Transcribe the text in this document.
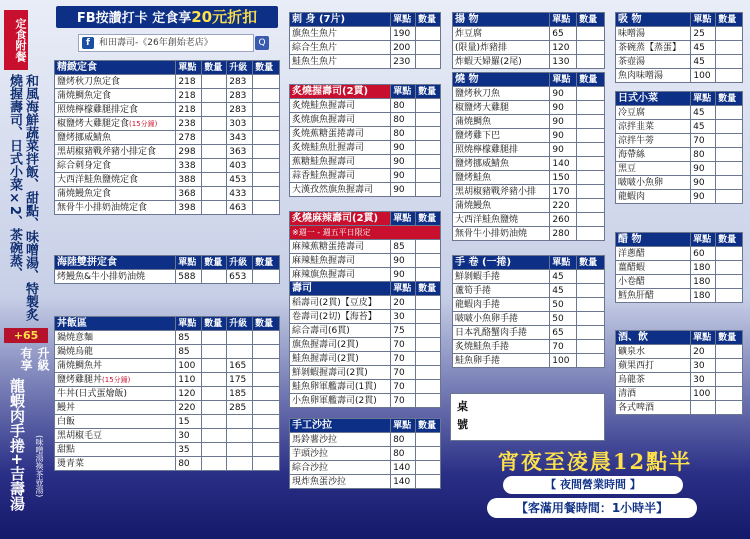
定食附餐
和風海鮮蔬菜拌飯、甜點、味噌湯、特製炙燒握壽司、日式小菜×2、茶碗蒸、
+65
升級有享
龍蝦肉手捲+吉壽湯 (味噌湯換茶壺湯)
FB按讚打卡 定食享20元折扣
f	和田壽司-《26年創始老店》	Q
精緻定食	單點	數量	升級	數量
鹽烤秋刀魚定食	218		283	
蒲燒鯛魚定食	218		283	
照燒檸檬雞腿排定食	218		283	
椒鹽烤大雞腿定食(15分鐘)	238		303	
鹽烤挪威鯖魚	278		343	
黑胡椒豬戰斧豬小排定食	298		363	
綜合刺身定食	338		403	
大西洋鮭魚鹽燒定食	388		453	
蒲燒鰻魚定食	368		433	
無骨牛小排奶油燒定食	398		463	
海陸雙拼定食	單點	數量	升級	數量
烤鰻魚&牛小排奶油燒	588		653	
丼飯區	單點	數量	升級	數量
鍋燒意麵	85			
鍋燒烏龍	85			
蒲燒鯛魚丼	100		165	
鹽烤雞腿丼(15分鐘)	110		175	
牛丼(日式蛋燴飯)	120		185	
鰻丼	220		285	
白飯	15			
黑胡椒毛豆	30			
甜點	35			
燙青菜	80			
刺 身 (7片)	單點	數量
旗魚生魚片	190	
綜合生魚片	200	
鮭魚生魚片	230	
炙燒握壽司(2貫)	單點	數量
炙燒鮭魚握壽司	80	
炙燒旗魚握壽司	80	
炙燒蕉糖蛋捲壽司	80	
炙燒鮭魚肚握壽司	90	
蕉糖鮭魚握壽司	90	
蒜香鮭魚握壽司	90	
大漢孜然旗魚握壽司	90	
炙燒麻辣壽司(2貫)	單點	數量
※週一 - 週五平日限定		
麻辣蕉糖蛋捲壽司	85	
麻辣鮭魚握壽司	90	
麻辣旗魚握壽司	90	
壽司	單點	數量
稻壽司(2貫)【豆皮】	20	
卷壽司(2切)【海苔】	30	
綜合壽司(6貫)	75	
旗魚握壽司(2貫)	70	
鮭魚握壽司(2貫)	70	
鮮剝蝦握壽司(2貫)	70	
鮭魚卵軍艦壽司(1貫)	70	
小魚卵軍艦壽司(2貫)	70	
手工沙拉	單點	數量
馬鈴薯沙拉	80	
芋頭沙拉	80	
綜合沙拉	140	
現炸魚蛋沙拉	140	
揚 物	單點	數量
炸豆腐	65	
(限量)炸豬排	120	
炸蝦天婦羅(2尾)	130	
燒 物	單點	數量
鹽烤秋刀魚	90	
椒鹽烤大雞腿	90	
蒲燒鯛魚	90	
鹽烤雞下巴	90	
照燒檸檬雞腿排	90	
鹽烤挪威鯖魚	140	
鹽烤鮭魚	150	
黑胡椒豬戰斧豬小排	170	
蒲燒鰻魚	220	
大西洋鮭魚鹽燒	260	
無骨牛小排奶油燒	280	
手 卷 (一捲)	單點	數量
鮮剝蝦手捲	45	
蘆筍手捲	45	
龍蝦肉手捲	50	
啵啵小魚卵手捲	50	
日本乳酪蟹肉手捲	65	
炙燒鮭魚手捲	70	
鮭魚卵手捲	100	
桌號
吸 物	單點	數量
味噌湯	25	
茶碗蒸【蒸蛋】	45	
茶壺湯	45	
魚肉味噌湯	100	
日式小菜	單點	數量
冷豆腐	45	
涼拌韭菜	45	
涼拌牛蒡	70	
海帶絲	80	
黑豆	90	
啵啵小魚卵	90	
龍蝦肉	90	
醋 物	單點	數量
洋蔥醋	60	
薑醋蝦	180	
小卷醋	180	
鱈魚肝醋	180	
酒、飲	單點	數量
礦泉水	20	
蘋果西打	30	
烏龍茶	30	
清酒	100	
各式啤酒		
宵夜至凌晨12點半
【 夜間營業時間 】
【客滿用餐時間：1小時半】
